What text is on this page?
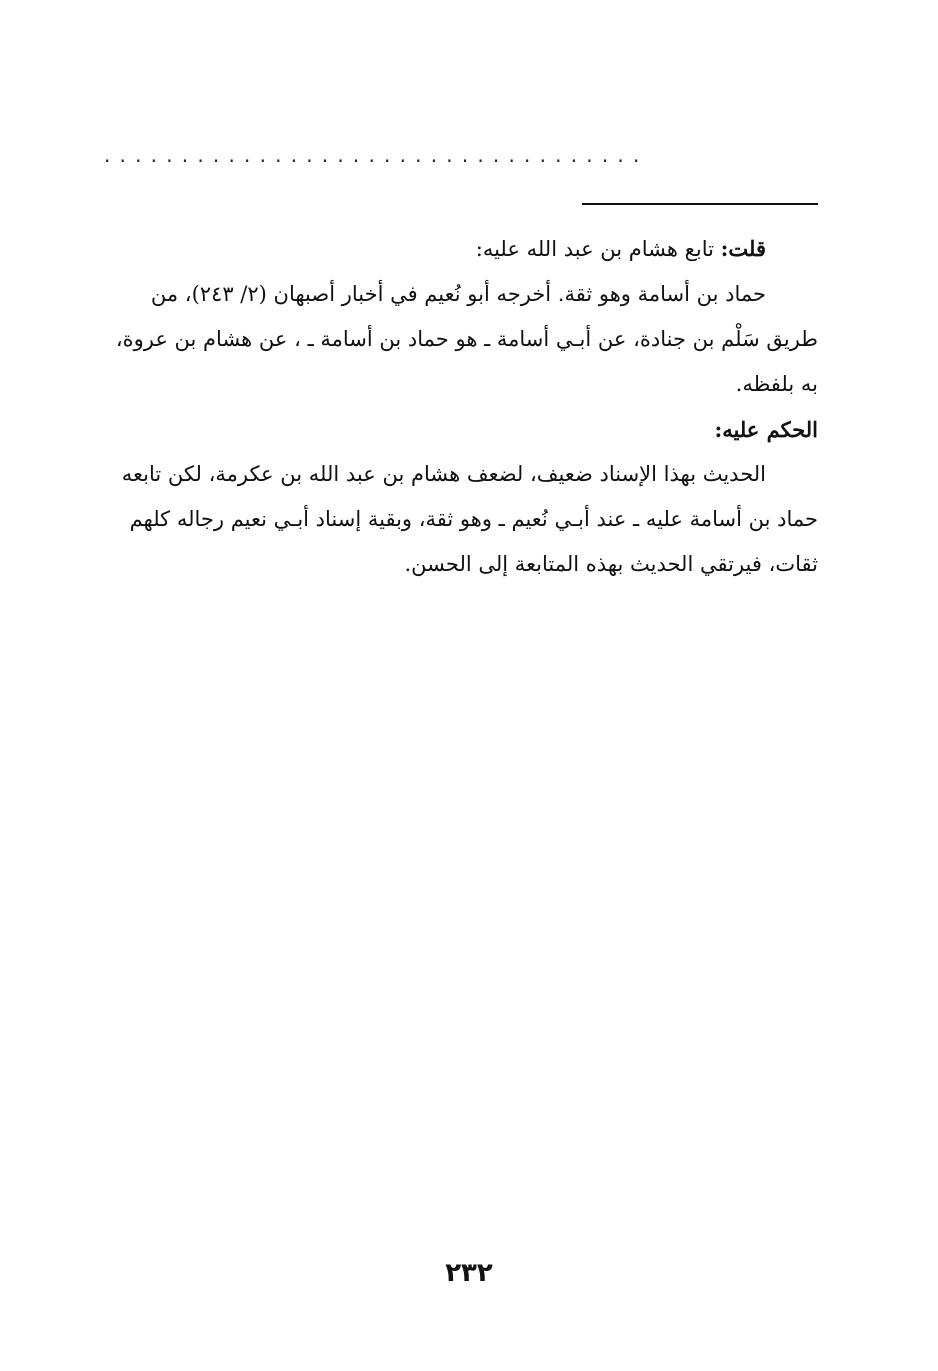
...................................
قلت: تابع هشام بن عبد الله عليه:
حماد بن أسامة وهو ثقة. أخرجه أبو نُعيم في أخبار أصبهان (٢/ ٢٤٣)، من
طريق سَلْم بن جنادة، عن أبـي أسامة ـ هو حماد بن أسامة ـ ، عن هشام بن عروة،
به بلفظه.
الحكم عليه:
الحديث بهذا الإسناد ضعيف، لضعف هشام بن عبد الله بن عكرمة، لكن تابعه
حماد بن أسامة عليه ـ عند أبـي نُعيم ـ وهو ثقة، وبقية إسناد أبـي نعيم رجاله كلهم
ثقات، فيرتقي الحديث بهذه المتابعة إلى الحسن.
٢٣٢
